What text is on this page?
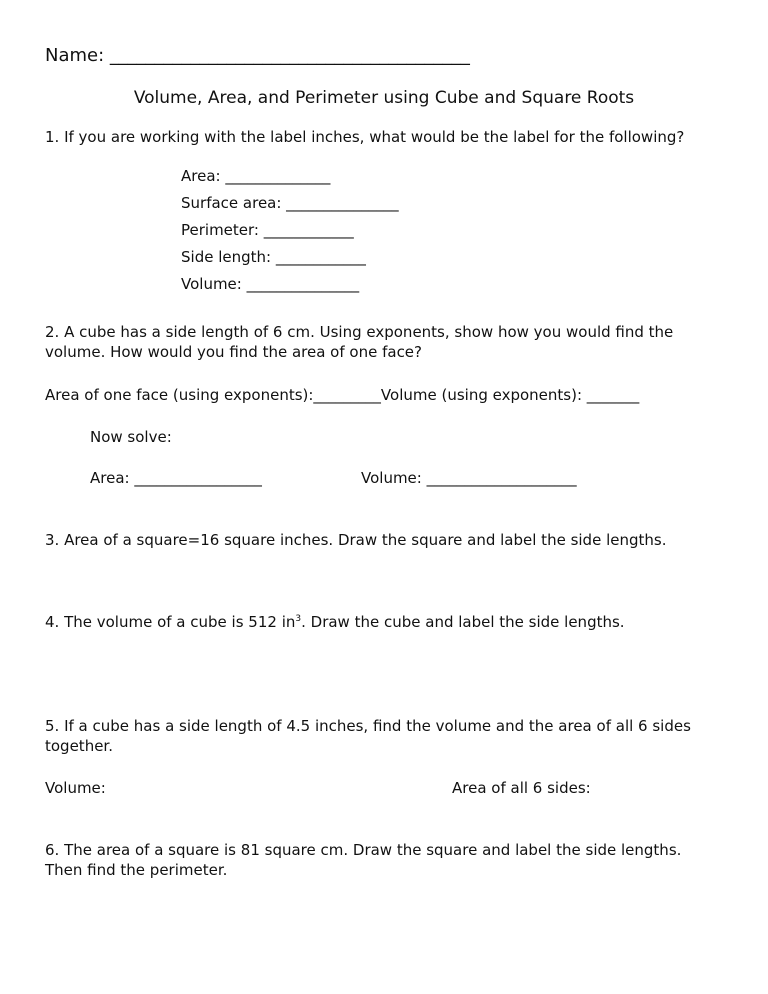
Name: ________________________________________
Volume, Area, and Perimeter using Cube and Square Roots
1. If you are working with the label inches, what would be the label for the following?
Area: ______________
Surface area: _______________
Perimeter: ____________
Side length: ____________
Volume: _______________
2. A cube has a side length of 6 cm. Using exponents, show how you would find the volume. How would you find the area of one face?
Area of one face (using exponents):_________Volume (using exponents): _______
Now solve:
Area: _________________	Volume: ____________________
3. Area of a square=16 square inches. Draw the square and label the side lengths.
4. The volume of a cube is 512 $in^3$. Draw the cube and label the side lengths.
5. If a cube has a side length of 4.5 inches, find the volume and the area of all 6 sides together.
Volume:	Area of all 6 sides:
6. The area of a square is 81 square cm. Draw the square and label the side lengths. Then find the perimeter.
